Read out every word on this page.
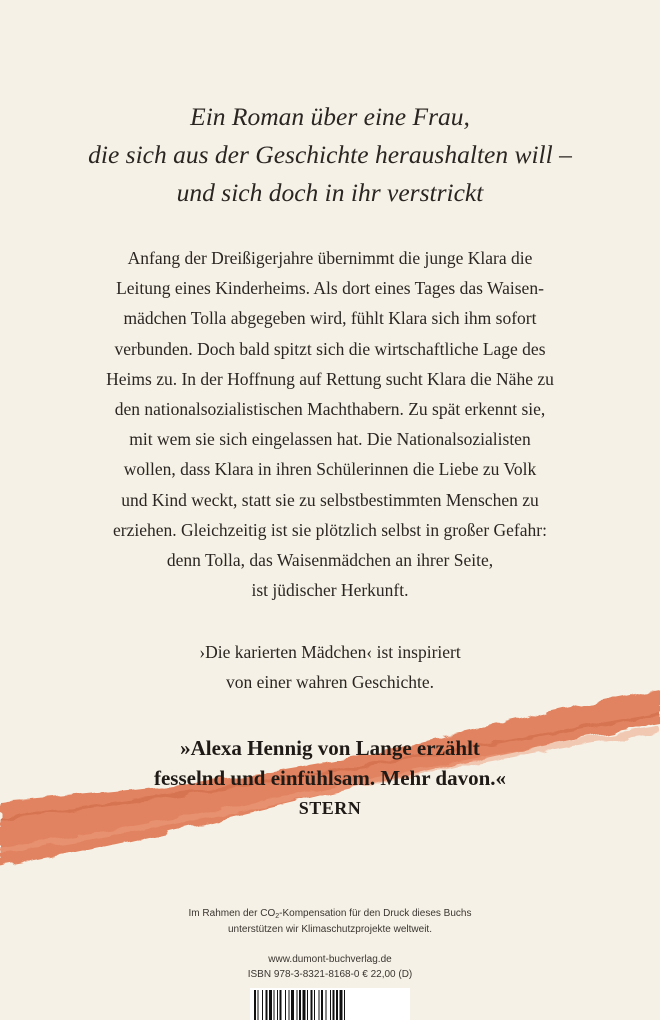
Ein Roman über eine Frau,
die sich aus der Geschichte heraushalten will –
und sich doch in ihr verstrickt
Anfang der Dreißigerjahre übernimmt die junge Klara die
Leitung eines Kinderheims. Als dort eines Tages das Waisen-
mädchen Tolla abgegeben wird, fühlt Klara sich ihm sofort
verbunden. Doch bald spitzt sich die wirtschaftliche Lage des
Heims zu. In der Hoffnung auf Rettung sucht Klara die Nähe zu
den nationalsozialistischen Machthabern. Zu spät erkennt sie,
mit wem sie sich eingelassen hat. Die Nationalsozialisten
wollen, dass Klara in ihren Schülerinnen die Liebe zu Volk
und Kind weckt, statt sie zu selbstbestimmten Menschen zu
erziehen. Gleichzeitig ist sie plötzlich selbst in großer Gefahr:
denn Tolla, das Waisenmädchen an ihrer Seite,
ist jüdischer Herkunft.
›Die karierten Mädchen‹ ist inspiriert
von einer wahren Geschichte.
»Alexa Hennig von Lange erzählt
fesselnd und einfühlsam. Mehr davon.«
STERN
Im Rahmen der $CO_2$-Kompensation für den Druck dieses Buchs
unterstützen wir Klimaschutzprojekte weltweit.
www.dumont-buchverlag.de
ISBN 978-3-8321-8168-0 € 22,00 (D)
